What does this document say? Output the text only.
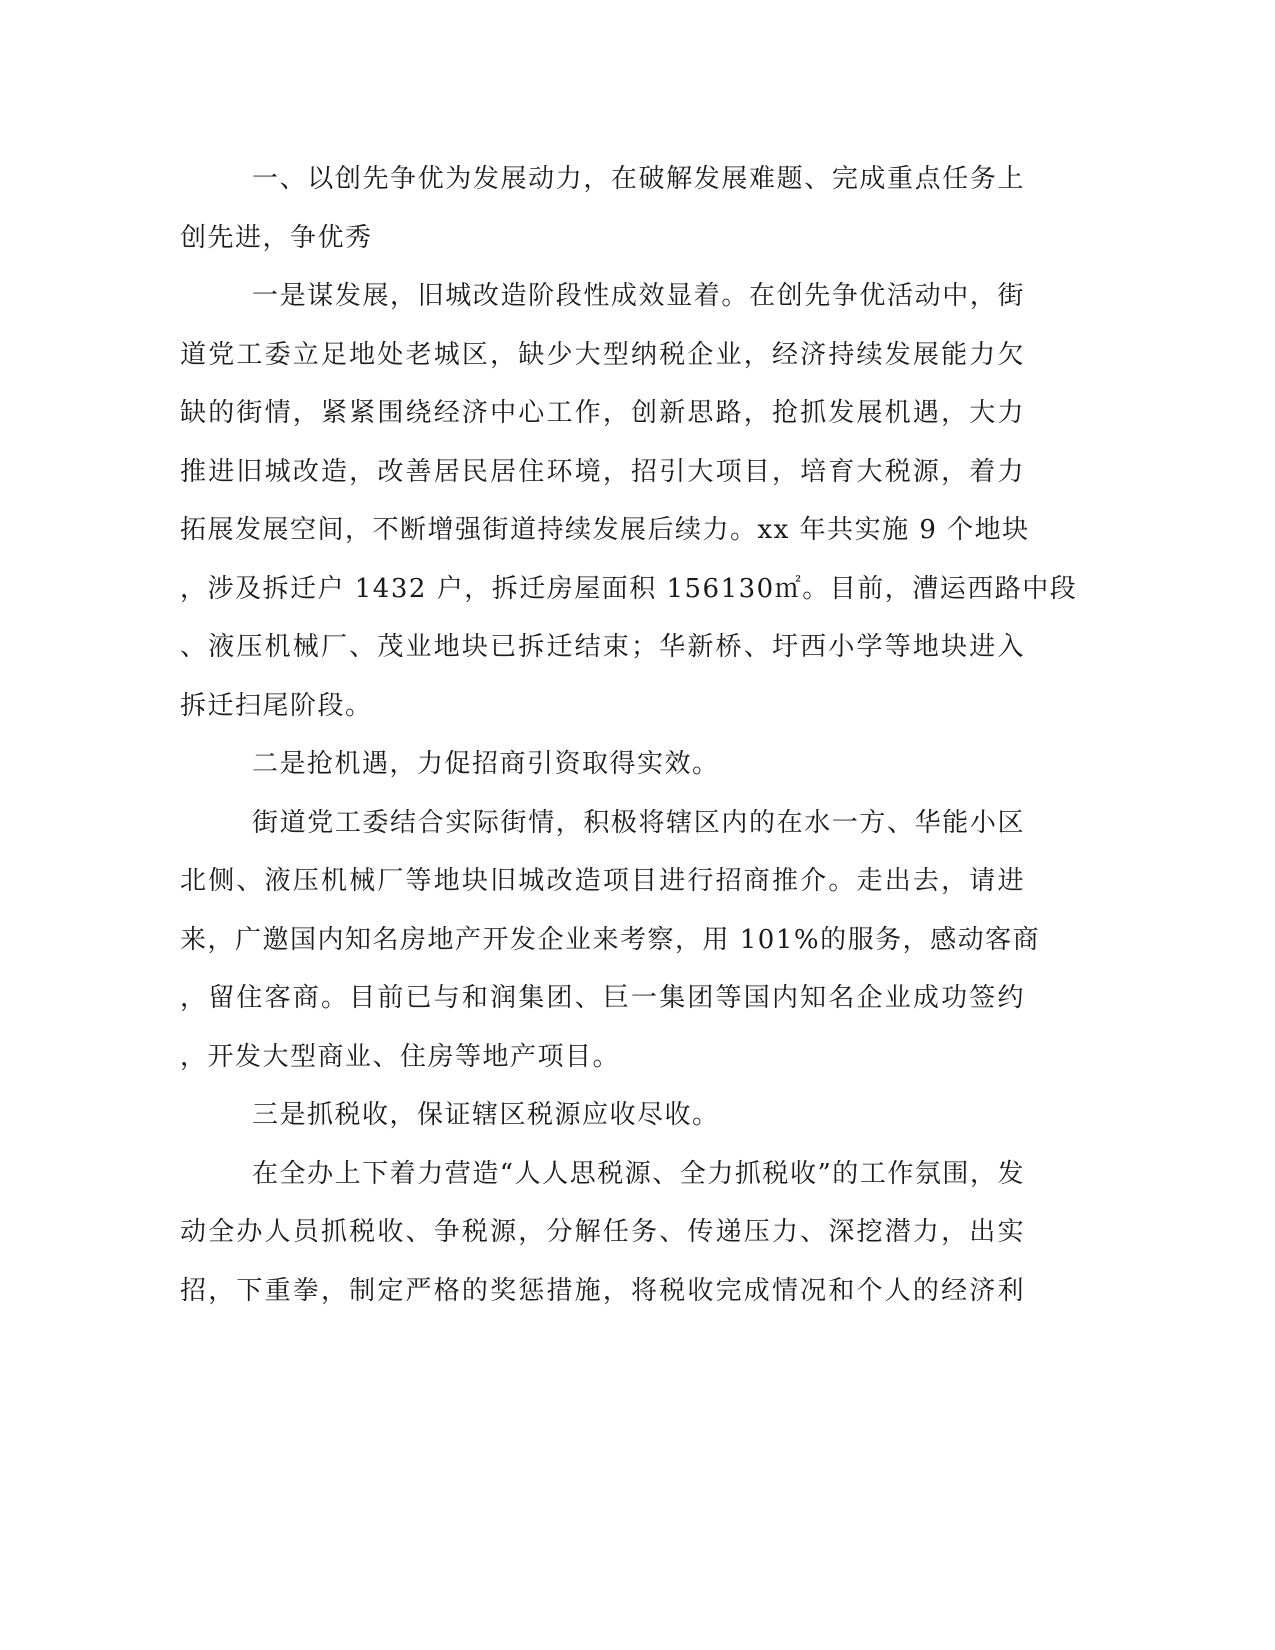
一、以创先争优为发展动力，在破解发展难题、完成重点任务上
创先进，争优秀
一是谋发展，旧城改造阶段性成效显着。在创先争优活动中，街
道党工委立足地处老城区，缺少大型纳税企业，经济持续发展能力欠
缺的街情，紧紧围绕经济中心工作，创新思路，抢抓发展机遇，大力
推进旧城改造，改善居民居住环境，招引大项目，培育大税源，着力
拓展发展空间，不断增强街道持续发展后续力。xx 年共实施 9 个地块
，涉及拆迁户 1432 户，拆迁房屋面积 156130㎡。目前，漕运西路中段
、液压机械厂、茂业地块已拆迁结束；华新桥、圩西小学等地块进入
拆迁扫尾阶段。
二是抢机遇，力促招商引资取得实效。
街道党工委结合实际街情，积极将辖区内的在水一方、华能小区
北侧、液压机械厂等地块旧城改造项目进行招商推介。走出去，请进
来，广邀国内知名房地产开发企业来考察，用 101%的服务，感动客商
，留住客商。目前已与和润集团、巨一集团等国内知名企业成功签约
，开发大型商业、住房等地产项目。
三是抓税收，保证辖区税源应收尽收。
在全办上下着力营造“人人思税源、全力抓税收”的工作氛围，发
动全办人员抓税收、争税源，分解任务、传递压力、深挖潜力，出实
招，下重拳，制定严格的奖惩措施，将税收完成情况和个人的经济利
